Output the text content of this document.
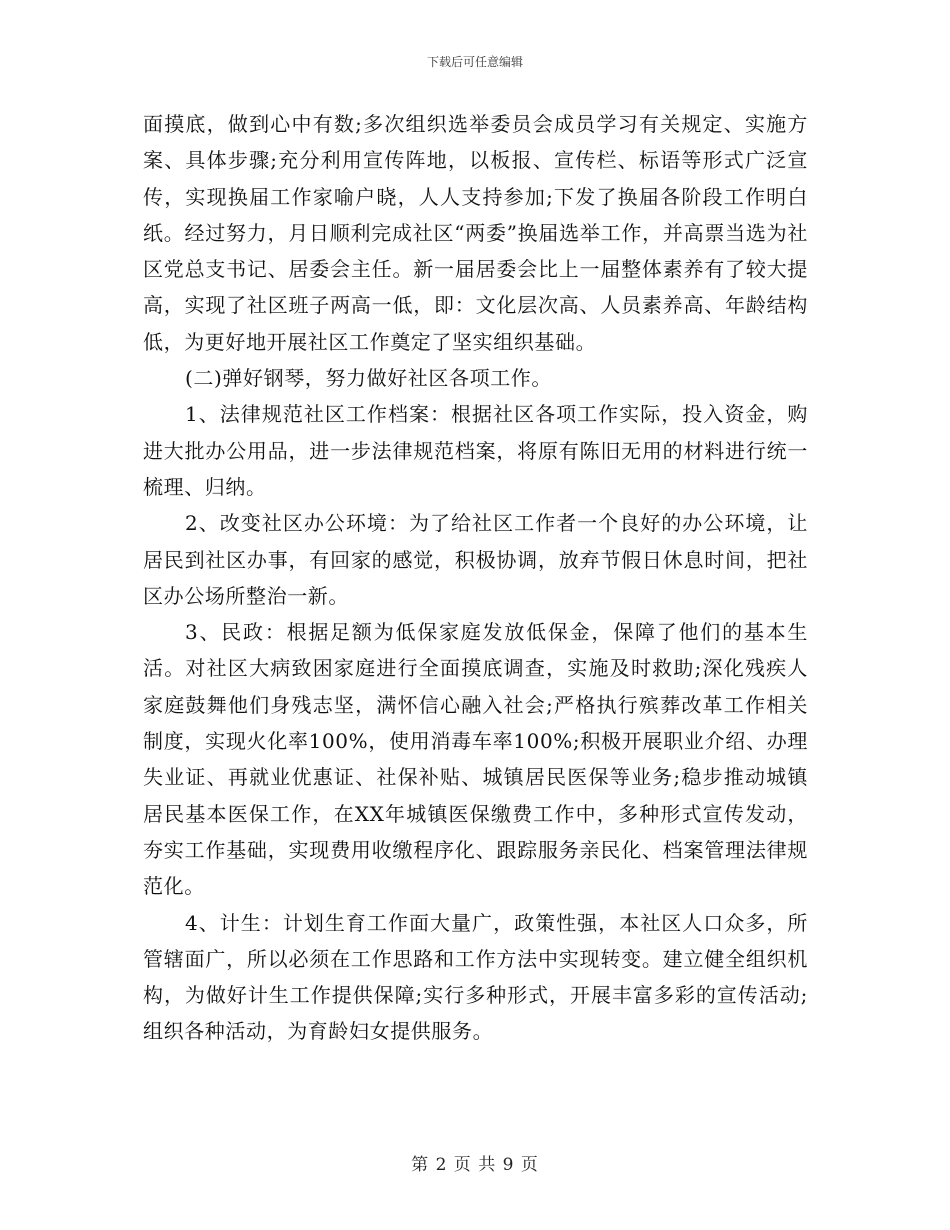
下载后可任意编辑

面摸底，做到心中有数;多次组织选举委员会成员学习有关规定、实施方案、具体步骤;充分利用宣传阵地，以板报、宣传栏、标语等形式广泛宣传，实现换届工作家喻户晓，人人支持参加;下发了换届各阶段工作明白纸。经过努力，月日顺利完成社区“两委”换届选举工作，并高票当选为社区党总支书记、居委会主任。新一届居委会比上一届整体素养有了较大提高，实现了社区班子两高一低，即：文化层次高、人员素养高、年龄结构低，为更好地开展社区工作奠定了坚实组织基础。

(二)弹好钢琴，努力做好社区各项工作。

1、法律规范社区工作档案：根据社区各项工作实际，投入资金，购进大批办公用品，进一步法律规范档案，将原有陈旧无用的材料进行统一梳理、归纳。

2、改变社区办公环境：为了给社区工作者一个良好的办公环境，让居民到社区办事，有回家的感觉，积极协调，放弃节假日休息时间，把社区办公场所整治一新。

3、民政：根据足额为低保家庭发放低保金，保障了他们的基本生活。对社区大病致困家庭进行全面摸底调查，实施及时救助;深化残疾人家庭鼓舞他们身残志坚，满怀信心融入社会;严格执行殡葬改革工作相关制度，实现火化率100%，使用消毒车率100%;积极开展职业介绍、办理失业证、再就业优惠证、社保补贴、城镇居民医保等业务;稳步推动城镇居民基本医保工作，在XX年城镇医保缴费工作中，多种形式宣传发动，夯实工作基础，实现费用收缴程序化、跟踪服务亲民化、档案管理法律规范化。

4、计生：计划生育工作面大量广，政策性强，本社区人口众多，所管辖面广，所以必须在工作思路和工作方法中实现转变。建立健全组织机构，为做好计生工作提供保障;实行多种形式，开展丰富多彩的宣传活动;组织各种活动，为育龄妇女提供服务。

第 2 页 共 9 页
